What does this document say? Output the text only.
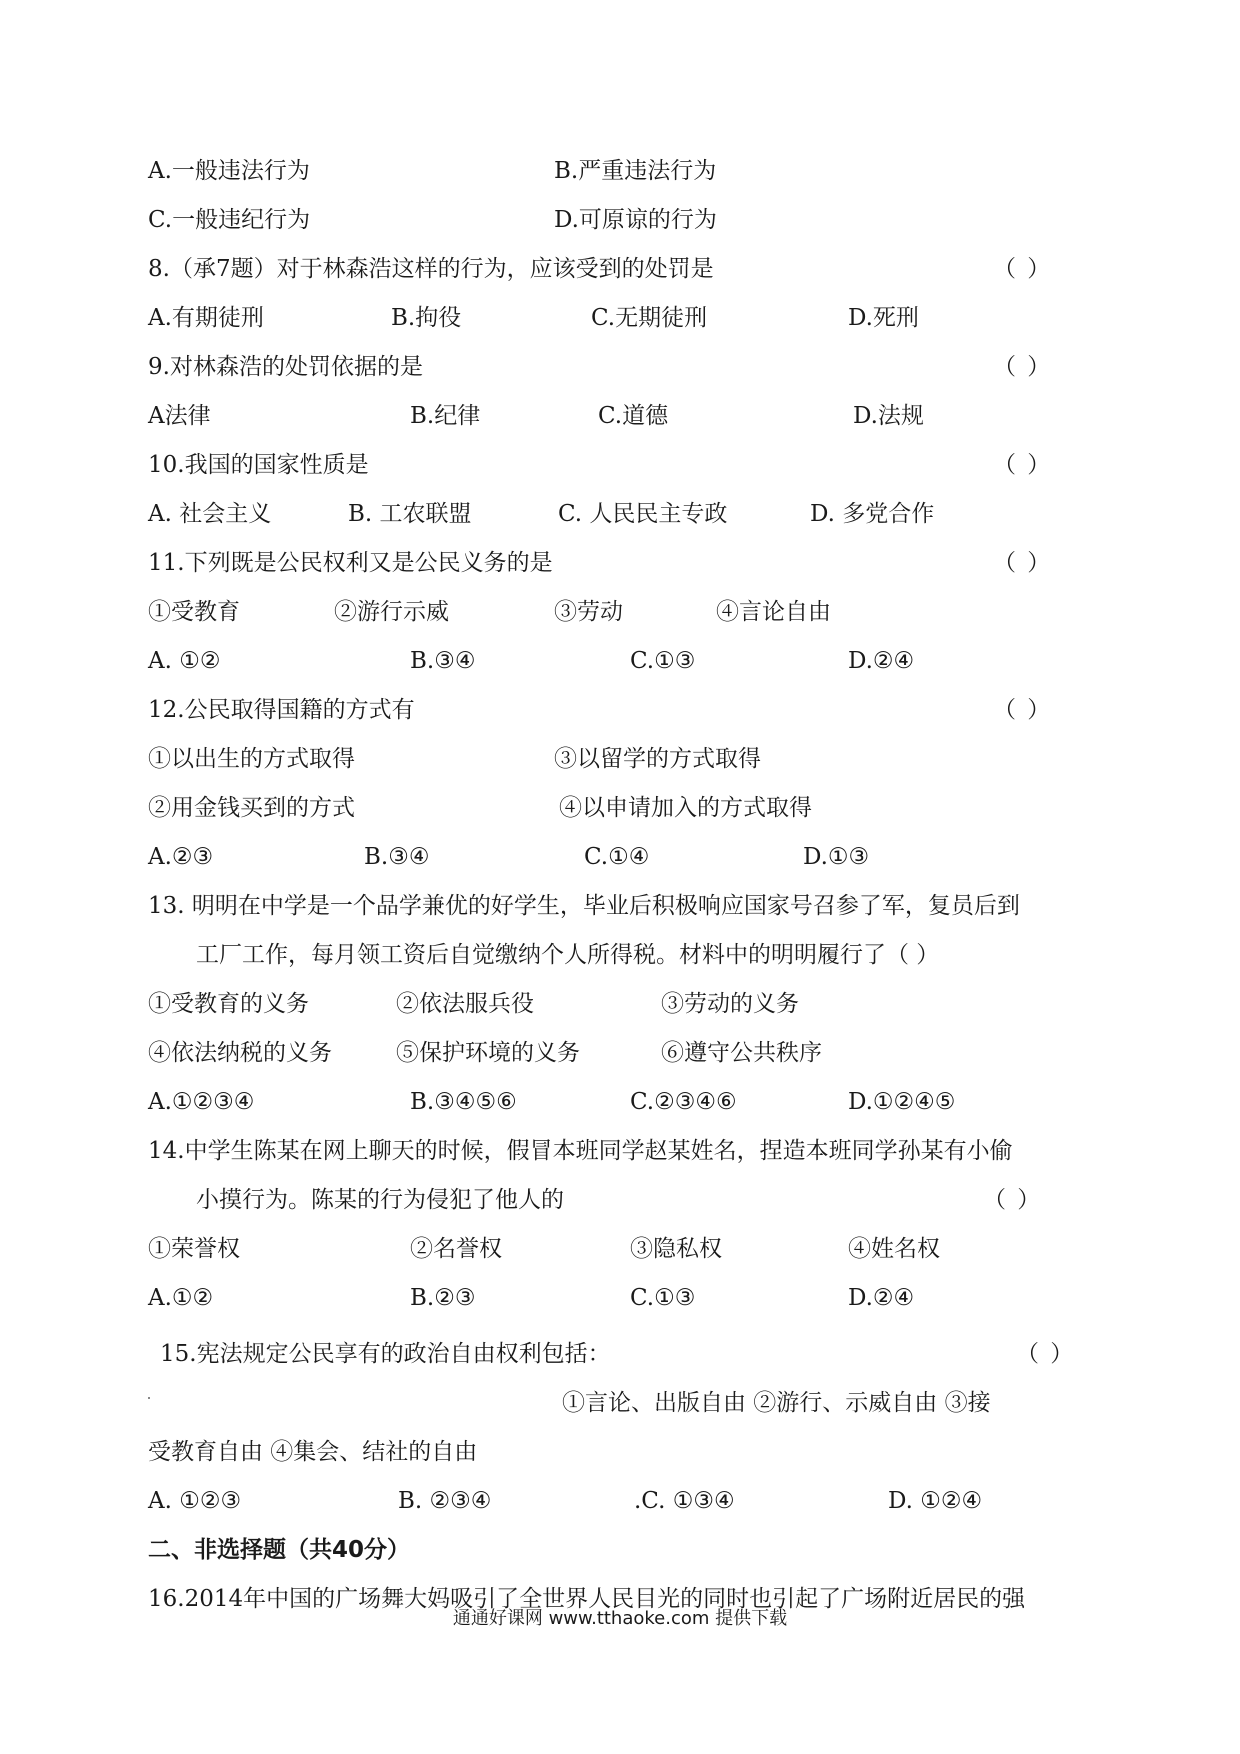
A.一般违法行为	B.严重违法行为
C.一般违纪行为	D.可原谅的行为
8.（承7题）对于林森浩这样的行为，应该受到的处罚是	（ ）
A.有期徒刑	B.拘役	C.无期徒刑	D.死刑
9.对林森浩的处罚依据的是	（ ）
A法律	B.纪律	C.道德	D.法规
10.我国的国家性质是	（ ）
A. 社会主义	B. 工农联盟	C. 人民民主专政	D. 多党合作
11.下列既是公民权利又是公民义务的是	（ ）
①受教育	②游行示威	③劳动	④言论自由
A. ①②	B.③④	C.①③	D.②④
12.公民取得国籍的方式有	（ ）
①以出生的方式取得	③以留学的方式取得
②用金钱买到的方式	④以申请加入的方式取得
A.②③	B.③④	C.①④	D.①③
13. 明明在中学是一个品学兼优的好学生，毕业后积极响应国家号召参了军，复员后到
工厂工作，每月领工资后自觉缴纳个人所得税。材料中的明明履行了（ ）
①受教育的义务	②依法服兵役	③劳动的义务
④依法纳税的义务	⑤保护环境的义务	⑥遵守公共秩序
A.①②③④	B.③④⑤⑥	C.②③④⑥	D.①②④⑤
14.中学生陈某在网上聊天的时候，假冒本班同学赵某姓名，捏造本班同学孙某有小偷
小摸行为。陈某的行为侵犯了他人的	（ ）
①荣誉权	②名誉权	③隐私权	④姓名权
A.①②	B.②③	C.①③	D.②④
15.宪法规定公民享有的政治自由权利包括：	（ ）
①言论、出版自由 ②游行、示威自由 ③接
受教育自由 ④集会、结社的自由
A. ①②③	B. ②③④	.C. ①③④	D. ①②④
二、非选择题（共40分）
16.2014年中国的广场舞大妈吸引了全世界人民目光的同时也引起了广场附近居民的强
通通好课网 www.tthaoke.com 提供下载
